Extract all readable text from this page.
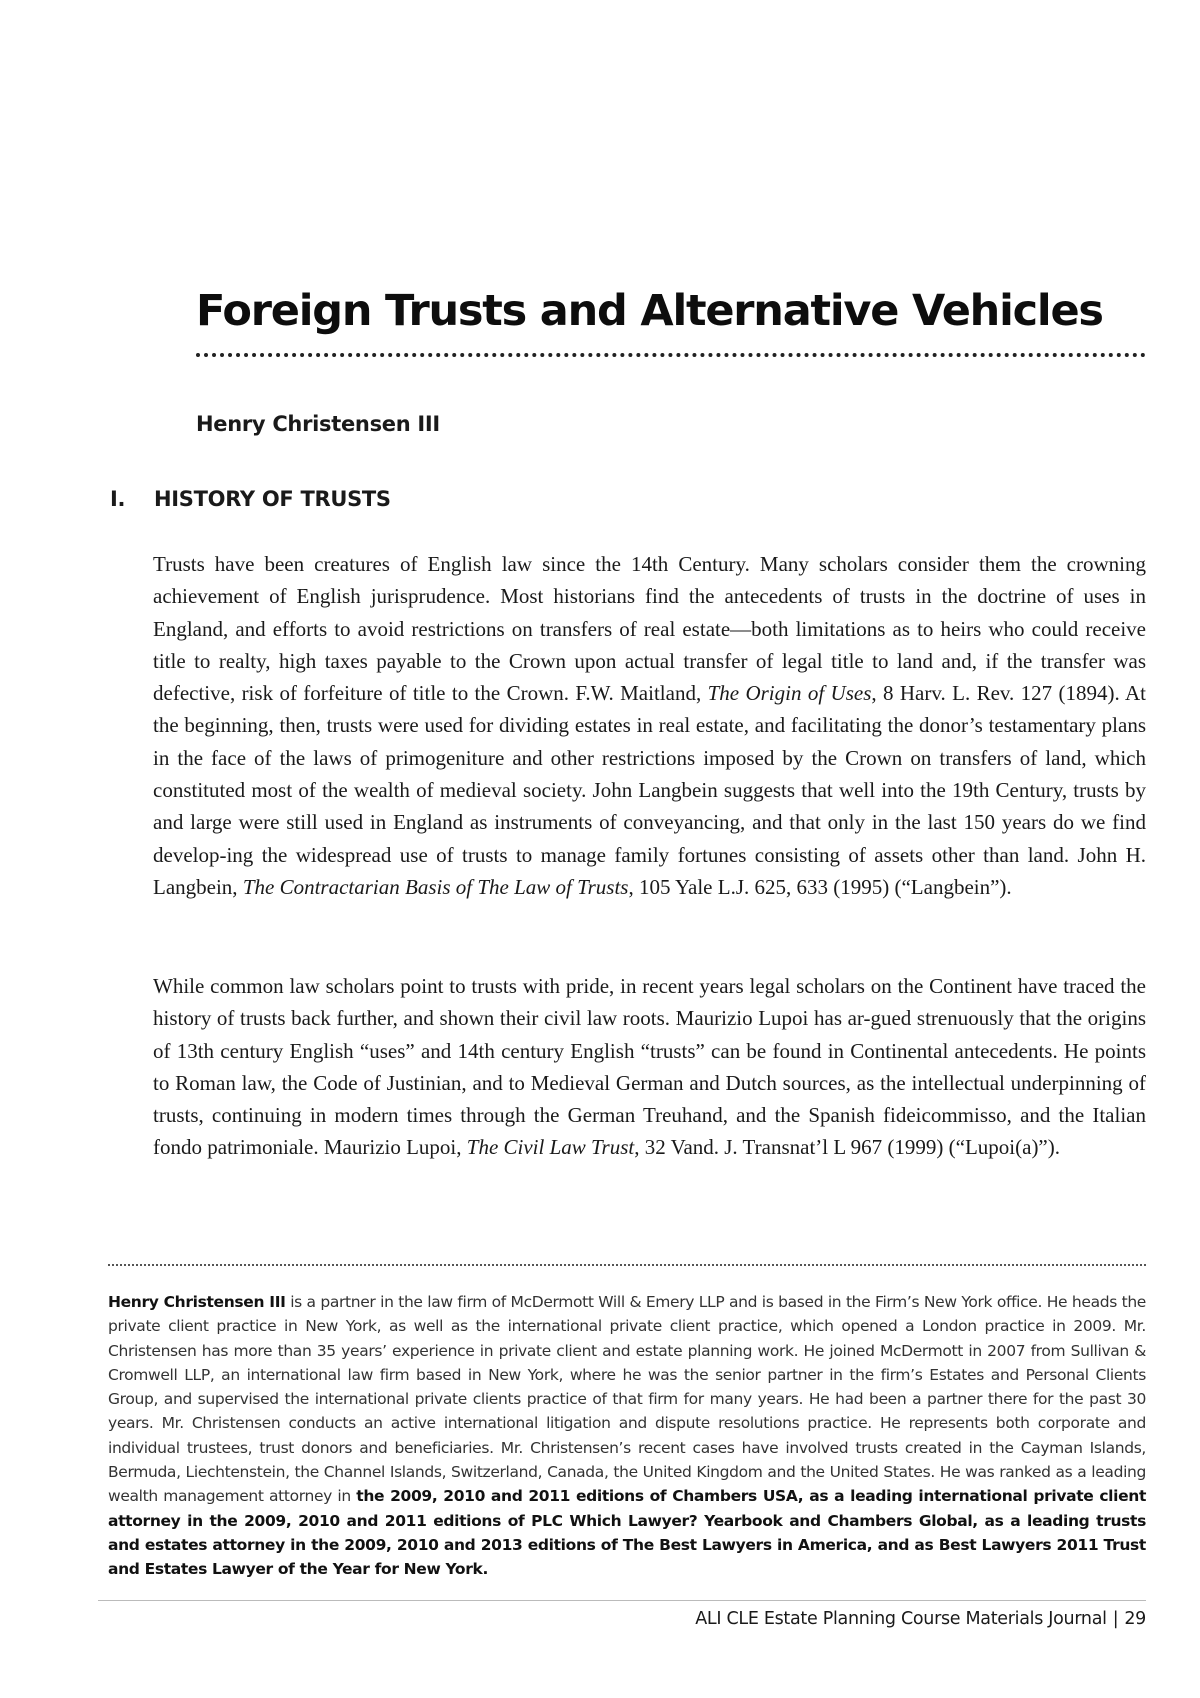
Foreign Trusts and Alternative Vehicles

Henry Christensen III

I. HISTORY OF TRUSTS

Trusts have been creatures of English law since the 14th Century. Many scholars consider them the crowning achievement of English jurisprudence. Most historians find the antecedents of trusts in the doctrine of uses in England, and efforts to avoid restrictions on transfers of real estate—both limitations as to heirs who could receive title to realty, high taxes payable to the Crown upon actual transfer of legal title to land and, if the transfer was defective, risk of forfeiture of title to the Crown. F.W. Maitland, The Origin of Uses, 8 Harv. L. Rev. 127 (1894). At the beginning, then, trusts were used for dividing estates in real estate, and facilitating the donor’s testamentary plans in the face of the laws of primogeniture and other restrictions imposed by the Crown on transfers of land, which constituted most of the wealth of medieval society. John Langbein suggests that well into the 19th Century, trusts by and large were still used in England as instruments of conveyancing, and that only in the last 150 years do we find develop-ing the widespread use of trusts to manage family fortunes consisting of assets other than land. John H. Langbein, The Contractarian Basis of The Law of Trusts, 105 Yale L.J. 625, 633 (1995) (“Langbein”).

While common law scholars point to trusts with pride, in recent years legal scholars on the Continent have traced the history of trusts back further, and shown their civil law roots. Maurizio Lupoi has ar-gued strenuously that the origins of 13th century English “uses” and 14th century English “trusts” can be found in Continental antecedents. He points to Roman law, the Code of Justinian, and to Medieval German and Dutch sources, as the intellectual underpinning of trusts, continuing in modern times through the German Treuhand, and the Spanish fideicommisso, and the Italian fondo patrimoniale. Maurizio Lupoi, The Civil Law Trust, 32 Vand. J. Transnat’l L 967 (1999) (“Lupoi(a)”).

Henry Christensen III is a partner in the law firm of McDermott Will & Emery LLP and is based in the Firm’s New York office. He heads the private client practice in New York, as well as the international private client practice, which opened a London practice in 2009. Mr. Christensen has more than 35 years’ experience in private client and estate planning work. He joined McDermott in 2007 from Sullivan & Cromwell LLP, an international law firm based in New York, where he was the senior partner in the firm’s Estates and Personal Clients Group, and supervised the international private clients practice of that firm for many years. He had been a partner there for the past 30 years. Mr. Christensen conducts an active international litigation and dispute resolutions practice. He represents both corporate and individual trustees, trust donors and beneficiaries. Mr. Christensen’s recent cases have involved trusts created in the Cayman Islands, Bermuda, Liechtenstein, the Channel Islands, Switzerland, Canada, the United Kingdom and the United States. He was ranked as a leading wealth management attorney in the 2009, 2010 and 2011 editions of Chambers USA, as a leading international private client attorney in the 2009, 2010 and 2011 editions of PLC Which Lawyer? Yearbook and Chambers Global, as a leading trusts and estates attorney in the 2009, 2010 and 2013 editions of The Best Lawyers in America, and as Best Lawyers 2011 Trust and Estates Lawyer of the Year for New York.

ALI CLE Estate Planning Course Materials Journal | 29
